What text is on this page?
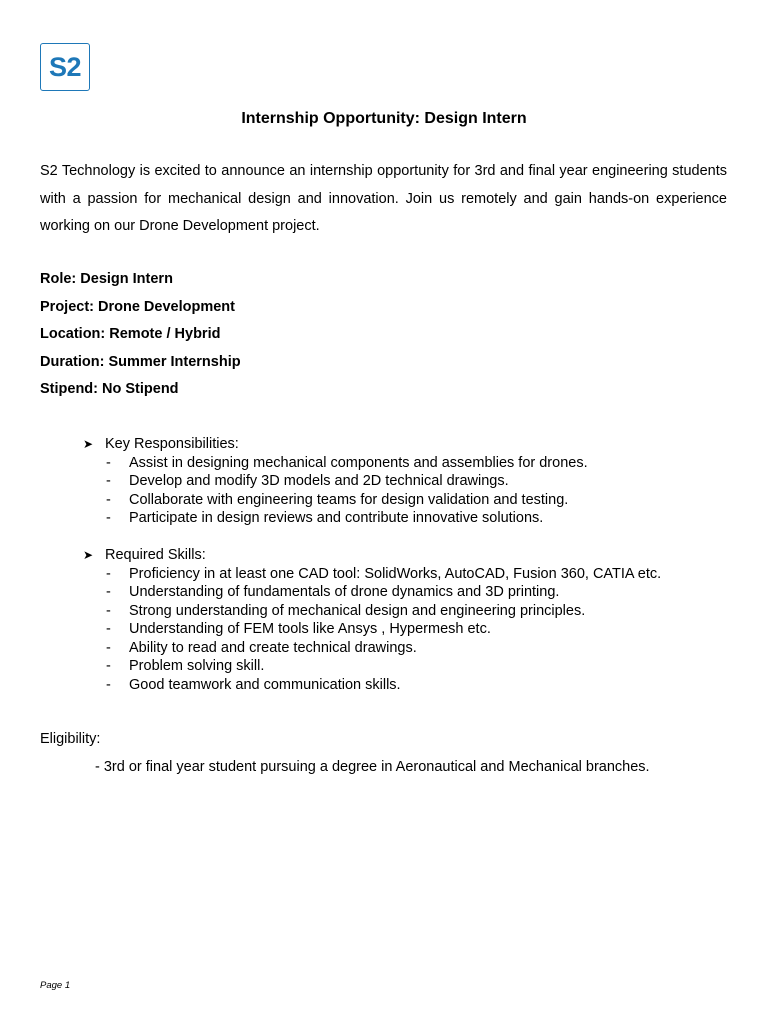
S2
Internship Opportunity: Design Intern
S2 Technology is excited to announce an internship opportunity for 3rd and final year engineering students with a passion for mechanical design and innovation. Join us remotely and gain hands-on experience working on our Drone Development project.
Role: Design Intern
Project: Drone Development
Location: Remote / Hybrid
Duration: Summer Internship
Stipend: No Stipend
➤ Key Responsibilities:
-	Assist in designing mechanical components and assemblies for drones.
-	Develop and modify 3D models and 2D technical drawings.
-	Collaborate with engineering teams for design validation and testing.
-	Participate in design reviews and contribute innovative solutions.
➤ Required Skills:
-	Proficiency in at least one CAD tool: SolidWorks, AutoCAD, Fusion 360, CATIA etc.
-	Understanding of fundamentals of drone dynamics and 3D printing.
-	Strong understanding of mechanical design and engineering principles.
-	Understanding of FEM tools like Ansys , Hypermesh etc.
-	Ability to read and create technical drawings.
-	Problem solving skill.
-	Good teamwork and communication skills.
Eligibility:
- 3rd or final year student pursuing a degree in Aeronautical and Mechanical branches.
Page 1
